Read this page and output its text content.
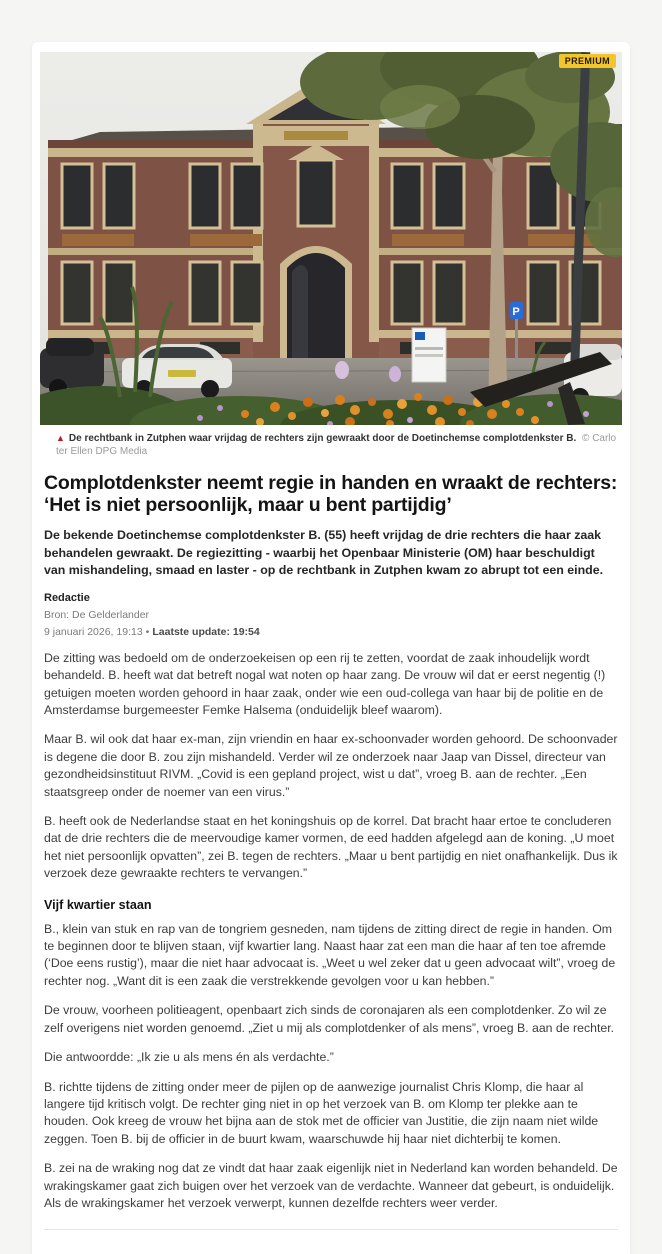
P
PREMIUM
▲ De rechtbank in Zutphen waar vrijdag de rechters zijn gewraakt door de Doetinchemse complotdenkster B. © Carlo ter Ellen DPG Media
Complotdenkster neemt regie in handen en wraakt de rechters: ‘Het is niet persoonlijk, maar u bent partijdig’

De bekende Doetinchemse complotdenkster B. (55) heeft vrijdag de drie rechters die haar zaak behandelen gewraakt. De regiezitting - waarbij het Openbaar Ministerie (OM) haar beschuldigt van mishandeling, smaad en laster - op de rechtbank in Zutphen kwam zo abrupt tot een einde.

Redactie
Bron: De Gelderlander
9 januari 2026, 19:13 • Laatste update: 19:54

De zitting was bedoeld om de onderzoekeisen op een rij te zetten, voordat de zaak inhoudelijk wordt behandeld. B. heeft wat dat betreft nogal wat noten op haar zang. De vrouw wil dat er eerst negentig (!) getuigen moeten worden gehoord in haar zaak, onder wie een oud-collega van haar bij de politie en de Amsterdamse burgemeester Femke Halsema (onduidelijk bleef waarom).

Maar B. wil ook dat haar ex-man, zijn vriendin en haar ex-schoonvader worden gehoord. De schoonvader is degene die door B. zou zijn mishandeld. Verder wil ze onderzoek naar Jaap van Dissel, directeur van gezondheidsinstituut RIVM. „Covid is een gepland project, wist u dat”, vroeg B. aan de rechter. „Een staatsgreep onder de noemer van een virus.”

B. heeft ook de Nederlandse staat en het koningshuis op de korrel. Dat bracht haar ertoe te concluderen dat de drie rechters die de meervoudige kamer vormen, de eed hadden afgelegd aan de koning. „U moet het niet persoonlijk opvatten”, zei B. tegen de rechters. „Maar u bent partijdig en niet onafhankelijk. Dus ik verzoek deze gewraakte rechters te vervangen.”

Vijf kwartier staan

B., klein van stuk en rap van de tongriem gesneden, nam tijdens de zitting direct de regie in handen. Om te beginnen door te blijven staan, vijf kwartier lang. Naast haar zat een man die haar af ten toe afremde (‘Doe eens rustig’), maar die niet haar advocaat is. „Weet u wel zeker dat u geen advocaat wilt”, vroeg de rechter nog. „Want dit is een zaak die verstrekkende gevolgen voor u kan hebben.”

De vrouw, voorheen politieagent, openbaart zich sinds de coronajaren als een complotdenker. Zo wil ze zelf overigens niet worden genoemd. „Ziet u mij als complotdenker of als mens”, vroeg B. aan de rechter.

Die antwoordde: „Ik zie u als mens én als verdachte.”

B. richtte tijdens de zitting onder meer de pijlen op de aanwezige journalist Chris Klomp, die haar al langere tijd kritisch volgt. De rechter ging niet in op het verzoek van B. om Klomp ter plekke aan te houden. Ook kreeg de vrouw het bijna aan de stok met de officier van Justitie, die zijn naam niet wilde zeggen. Toen B. bij de officier in de buurt kwam, waarschuwde hij haar niet dichterbij te komen.

B. zei na de wraking nog dat ze vindt dat haar zaak eigenlijk niet in Nederland kan worden behandeld. De wrakingskamer gaat zich buigen over het verzoek van de verdachte. Wanneer dat gebeurt, is onduidelijk. Als de wrakingskamer het verzoek verwerpt, kunnen dezelfde rechters weer verder.
